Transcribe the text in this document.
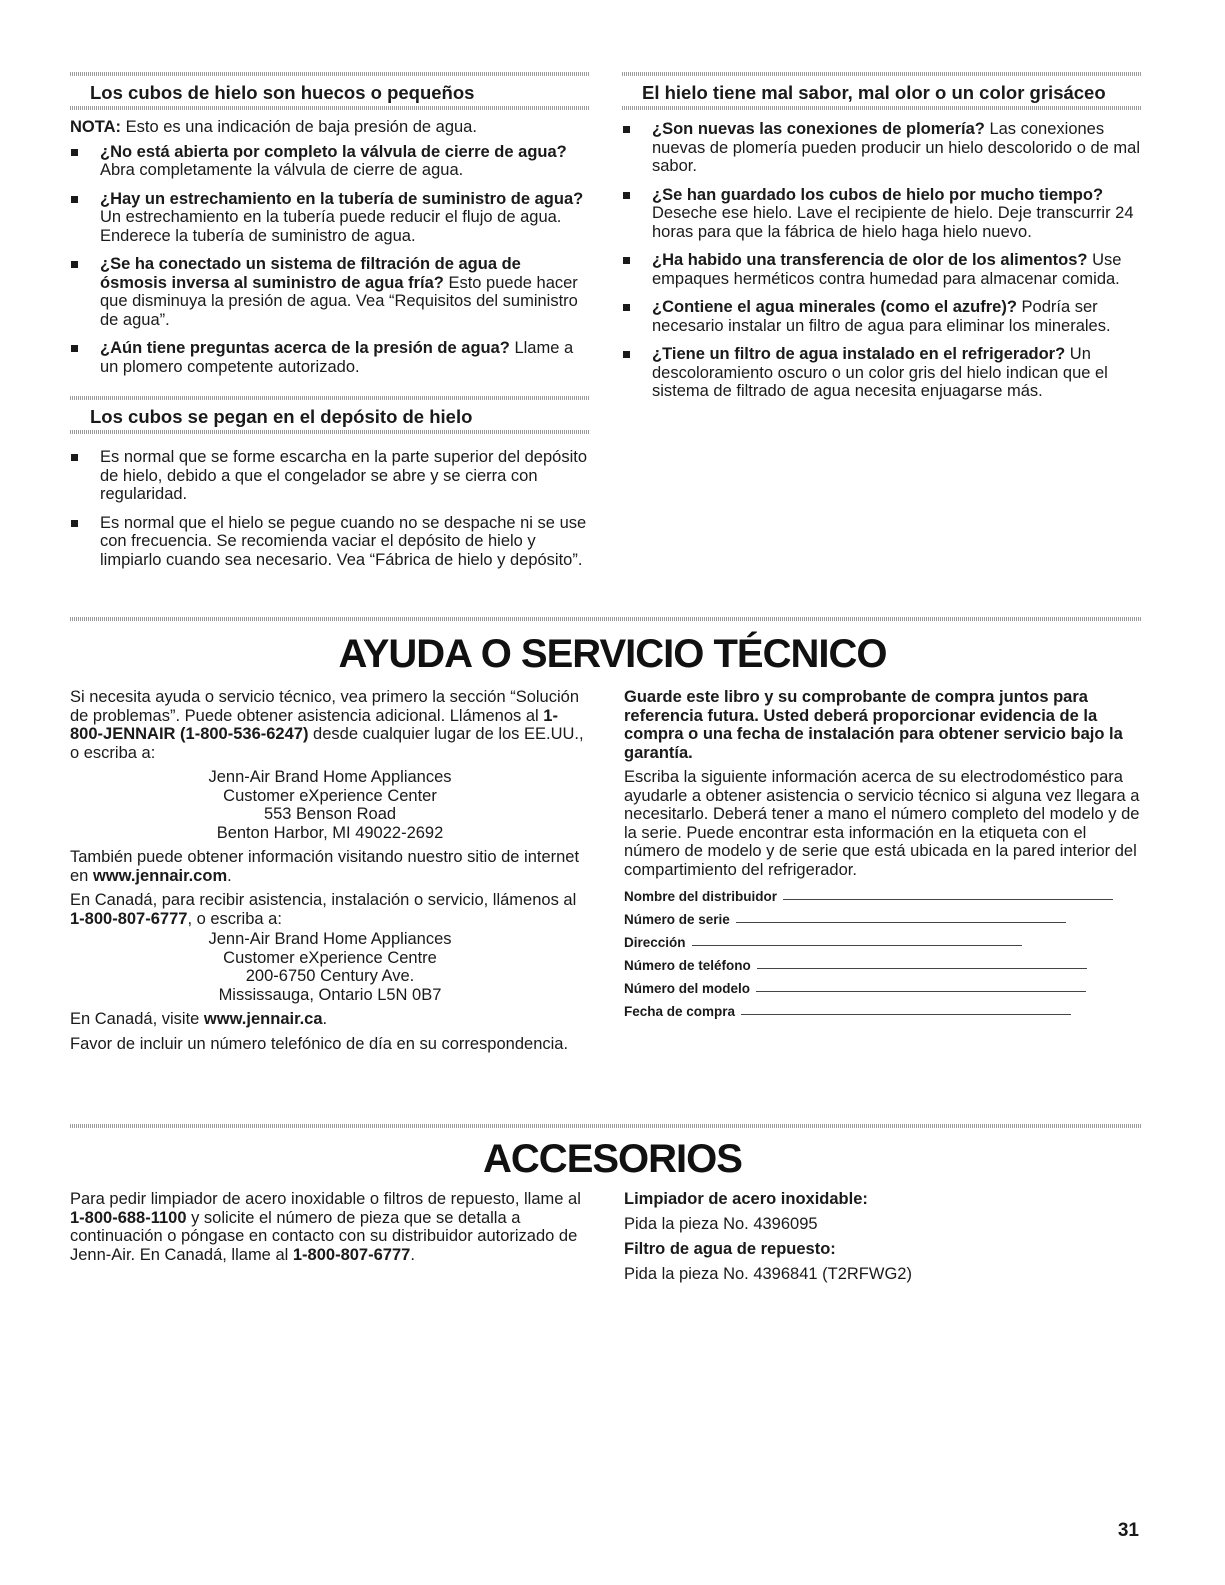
Los cubos de hielo son huecos o pequeños

NOTA: Esto es una indicación de baja presión de agua.

¿No está abierta por completo la válvula de cierre de agua? Abra completamente la válvula de cierre de agua.
¿Hay un estrechamiento en la tubería de suministro de agua? Un estrechamiento en la tubería puede reducir el flujo de agua. Enderece la tubería de suministro de agua.
¿Se ha conectado un sistema de filtración de agua de ósmosis inversa al suministro de agua fría? Esto puede hacer que disminuya la presión de agua. Vea “Requisitos del suministro de agua”.
¿Aún tiene preguntas acerca de la presión de agua? Llame a un plomero competente autorizado.
Los cubos se pegan en el depósito de hielo
Es normal que se forme escarcha en la parte superior del depósito de hielo, debido a que el congelador se abre y se cierra con regularidad.
Es normal que el hielo se pegue cuando no se despache ni se use con frecuencia. Se recomienda vaciar el depósito de hielo y limpiarlo cuando sea necesario. Vea “Fábrica de hielo y depósito”.
El hielo tiene mal sabor, mal olor o un color grisáceo
¿Son nuevas las conexiones de plomería? Las conexiones nuevas de plomería pueden producir un hielo descolorido o de mal sabor.
¿Se han guardado los cubos de hielo por mucho tiempo? Deseche ese hielo. Lave el recipiente de hielo. Deje transcurrir 24 horas para que la fábrica de hielo haga hielo nuevo.
¿Ha habido una transferencia de olor de los alimentos? Use empaques herméticos contra humedad para almacenar comida.
¿Contiene el agua minerales (como el azufre)? Podría ser necesario instalar un filtro de agua para eliminar los minerales.
¿Tiene un filtro de agua instalado en el refrigerador? Un descoloramiento oscuro o un color gris del hielo indican que el sistema de filtrado de agua necesita enjuagarse más.
AYUDA O SERVICIO TÉCNICO

Si necesita ayuda o servicio técnico, vea primero la sección “Solución de problemas”. Puede obtener asistencia adicional. Llámenos al 1-800-JENNAIR (1-800-536-6247) desde cualquier lugar de los EE.UU., o escriba a:

Jenn-Air Brand Home Appliances
Customer eXperience Center
553 Benson Road
Benton Harbor, MI 49022-2692

También puede obtener información visitando nuestro sitio de internet en www.jennair.com.

En Canadá, para recibir asistencia, instalación o servicio, llámenos al 1-800-807-6777, o escriba a:

Jenn-Air Brand Home Appliances
Customer eXperience Centre
200-6750 Century Ave.
Mississauga, Ontario L5N 0B7

En Canadá, visite www.jennair.ca.

Favor de incluir un número telefónico de día en su correspondencia.

Guarde este libro y su comprobante de compra juntos para referencia futura. Usted deberá proporcionar evidencia de la compra o una fecha de instalación para obtener servicio bajo la garantía.

Escriba la siguiente información acerca de su electrodoméstico para ayudarle a obtener asistencia o servicio técnico si alguna vez llegara a necesitarlo. Deberá tener a mano el número completo del modelo y de la serie. Puede encontrar esta información en la etiqueta con el número de modelo y de serie que está ubicada en la pared interior del compartimiento del refrigerador.

Nombre del distribuidor
Número de serie
Dirección
Número de teléfono
Número del modelo
Fecha de compra
ACCESORIOS

Para pedir limpiador de acero inoxidable o filtros de repuesto, llame al 1-800-688-1100 y solicite el número de pieza que se detalla a continuación o póngase en contacto con su distribuidor autorizado de Jenn-Air. En Canadá, llame al 1-800-807-6777.

Limpiador de acero inoxidable:
Pida la pieza No. 4396095
Filtro de agua de repuesto:
Pida la pieza No. 4396841 (T2RFWG2)
31
